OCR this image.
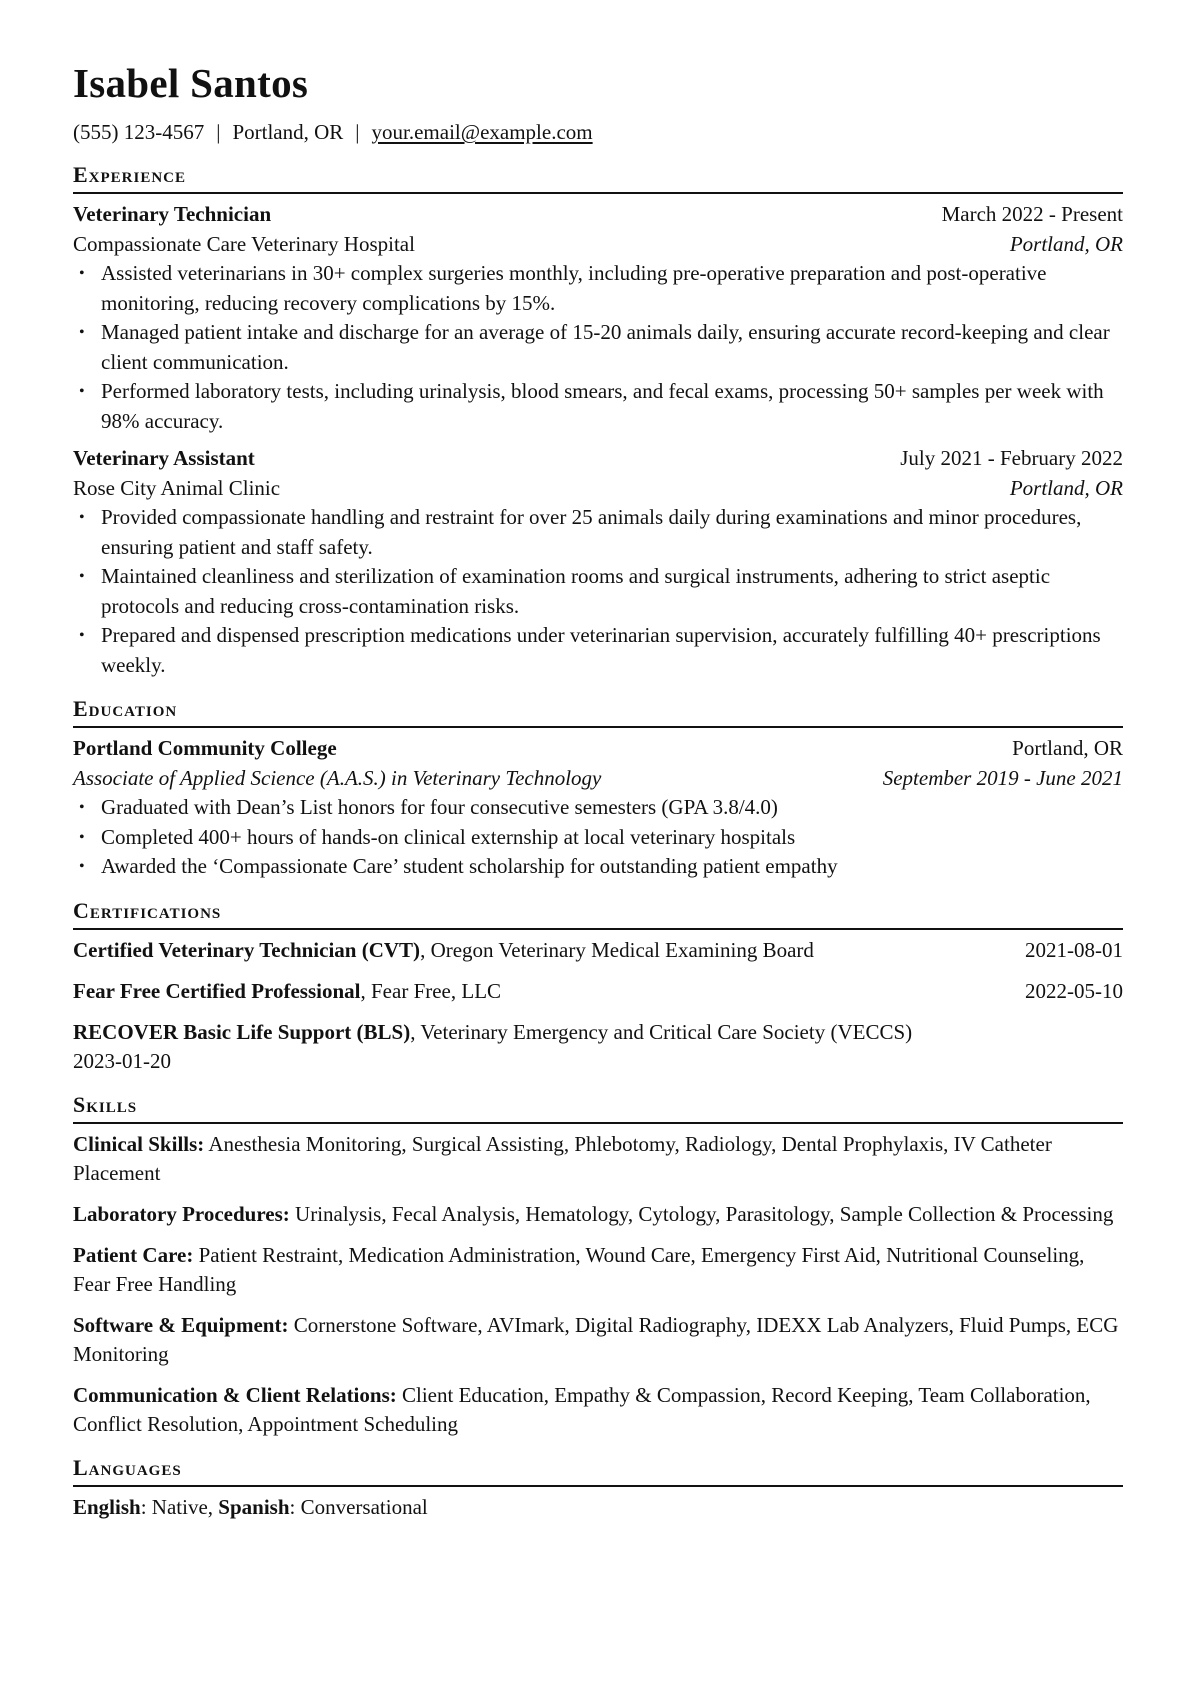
Isabel Santos
(555) 123-4567 | Portland, OR | your.email@example.com
Experience
Veterinary Technician	March 2022 - Present
Compassionate Care Veterinary Hospital	Portland, OR
• Assisted veterinarians in 30+ complex surgeries monthly, including pre-operative preparation and post-operative monitoring, reducing recovery complications by 15%.
• Managed patient intake and discharge for an average of 15-20 animals daily, ensuring accurate record-keeping and clear client communication.
• Performed laboratory tests, including urinalysis, blood smears, and fecal exams, processing 50+ samples per week with 98% accuracy.
Veterinary Assistant	July 2021 - February 2022
Rose City Animal Clinic	Portland, OR
• Provided compassionate handling and restraint for over 25 animals daily during examinations and minor procedures, ensuring patient and staff safety.
• Maintained cleanliness and sterilization of examination rooms and surgical instruments, adhering to strict aseptic protocols and reducing cross-contamination risks.
• Prepared and dispensed prescription medications under veterinarian supervision, accurately fulfilling 40+ prescriptions weekly.
Education
Portland Community College	Portland, OR
Associate of Applied Science (A.A.S.) in Veterinary Technology	September 2019 - June 2021
• Graduated with Dean’s List honors for four consecutive semesters (GPA 3.8/4.0)
• Completed 400+ hours of hands-on clinical externship at local veterinary hospitals
• Awarded the ‘Compassionate Care’ student scholarship for outstanding patient empathy
Certifications
Certified Veterinary Technician (CVT), Oregon Veterinary Medical Examining Board	2021-08-01
Fear Free Certified Professional, Fear Free, LLC	2022-05-10
RECOVER Basic Life Support (BLS), Veterinary Emergency and Critical Care Society (VECCS)
2023-01-20
Skills
Clinical Skills: Anesthesia Monitoring, Surgical Assisting, Phlebotomy, Radiology, Dental Prophylaxis, IV Catheter Placement
Laboratory Procedures: Urinalysis, Fecal Analysis, Hematology, Cytology, Parasitology, Sample Collection & Processing
Patient Care: Patient Restraint, Medication Administration, Wound Care, Emergency First Aid, Nutritional Counseling, Fear Free Handling
Software & Equipment: Cornerstone Software, AVImark, Digital Radiography, IDEXX Lab Analyzers, Fluid Pumps, ECG Monitoring
Communication & Client Relations: Client Education, Empathy & Compassion, Record Keeping, Team Collaboration, Conflict Resolution, Appointment Scheduling
Languages
English: Native, Spanish: Conversational
